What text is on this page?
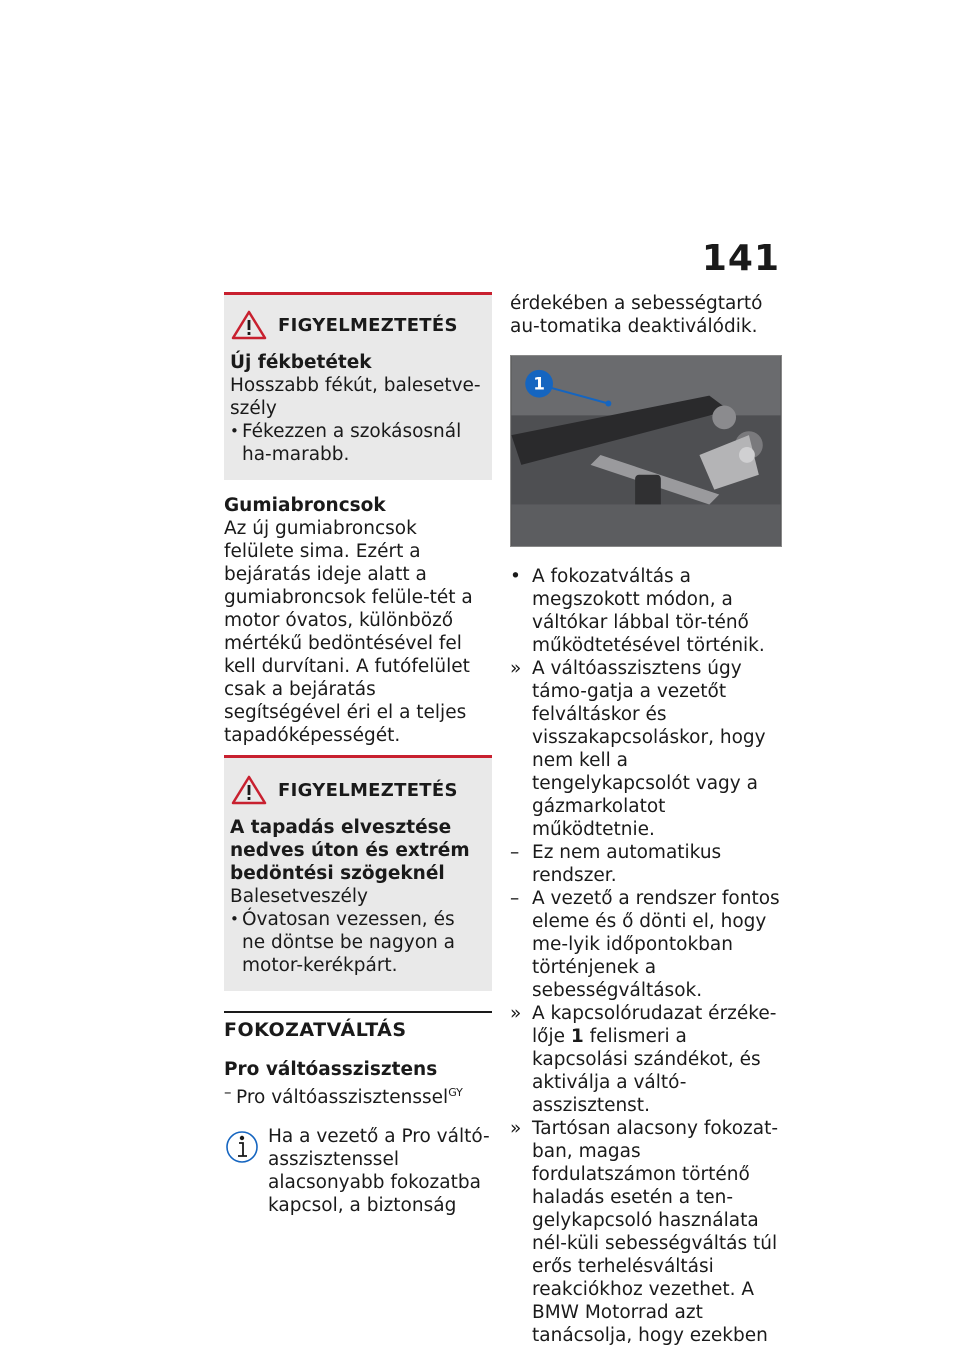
141
FIGYELMEZTETÉS
Új fékbetétek

Hosszabb fékút, balesetve-szély

• Fékezzen a szokásosnál ha-marabb.
Gumiabroncsok

Az új gumiabroncsok felülete sima. Ezért a bejáratás ideje alatt a gumiabroncsok felüle-tét a motor óvatos, különböző mértékű bedöntésével fel kell durvítani. A futófelület csak a bejáratás segítségével éri el a teljes tapadóképességét.

FIGYELMEZTETÉS
A tapadás elvesztése nedves úton és extrém bedöntési szögeknél

Balesetveszély

• Óvatosan vezessen, és ne döntse be nagyon a motor-kerékpárt.
FOKOZATVÁLTÁS
Pro váltóasszisztens
– Pro váltóasszisztenssel$^{GY}$

Ha a vezető a Pro váltó-asszisztenssel alacsonyabb fokozatba kapcsol, a biztonság

érdekében a sebességtartó au-tomatika deaktiválódik.

1
• A fokozatváltás a megszokott módon, a váltókar lábbal tör-ténő működtetésével történik.
» A váltóasszisztens úgy támo-gatja a vezetőt felváltáskor és visszakapcsoláskor, hogy nem kell a tengelykapcsolót vagy a gázmarkolatot működtetnie.
– Ez nem automatikus rendszer.
– A vezető a rendszer fontos eleme és ő dönti el, hogy me-lyik időpontokban történjenek a sebességváltások.
» A kapcsolórudazat érzéke-lője 1 felismeri a kapcsolási szándékot, és aktiválja a váltó-asszisztenst.
» Tartósan alacsony fokozat-ban, magas fordulatszámon történő haladás esetén a ten-gelykapcsoló használata nél-küli sebességváltás túl erős terhelésváltási reakciókhoz vezethet. A BMW Motorrad azt tanácsolja, hogy ezekben
